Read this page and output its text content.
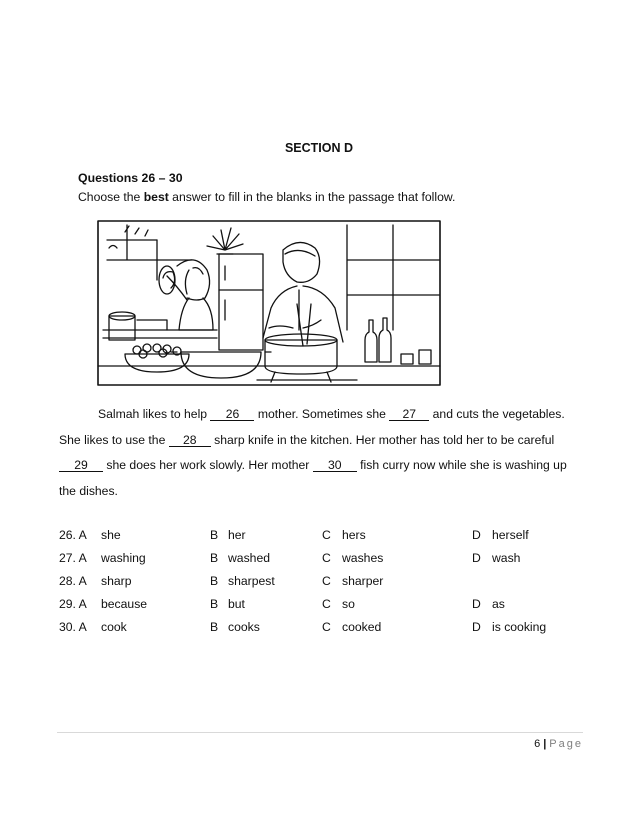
SECTION D
Questions 26 – 30
Choose the best answer to fill in the blanks in the passage that follow.
Salmah likes to help 26 mother. Sometimes she 27 and cuts the vegetables.
She likes to use the 28 sharp knife in the kitchen. Her mother has told her to be careful
29 she does her work slowly. Her mother 30 fish curry now while she is washing up
the dishes.
26. A she	B her	C hers	D herself
27. A washing	B washed	C washes	D wash
28. A sharp	B sharpest	C sharper
29. A because	B but	C so	D as
30. A cook	B cooks	C cooked	D is cooking
6 | Page
